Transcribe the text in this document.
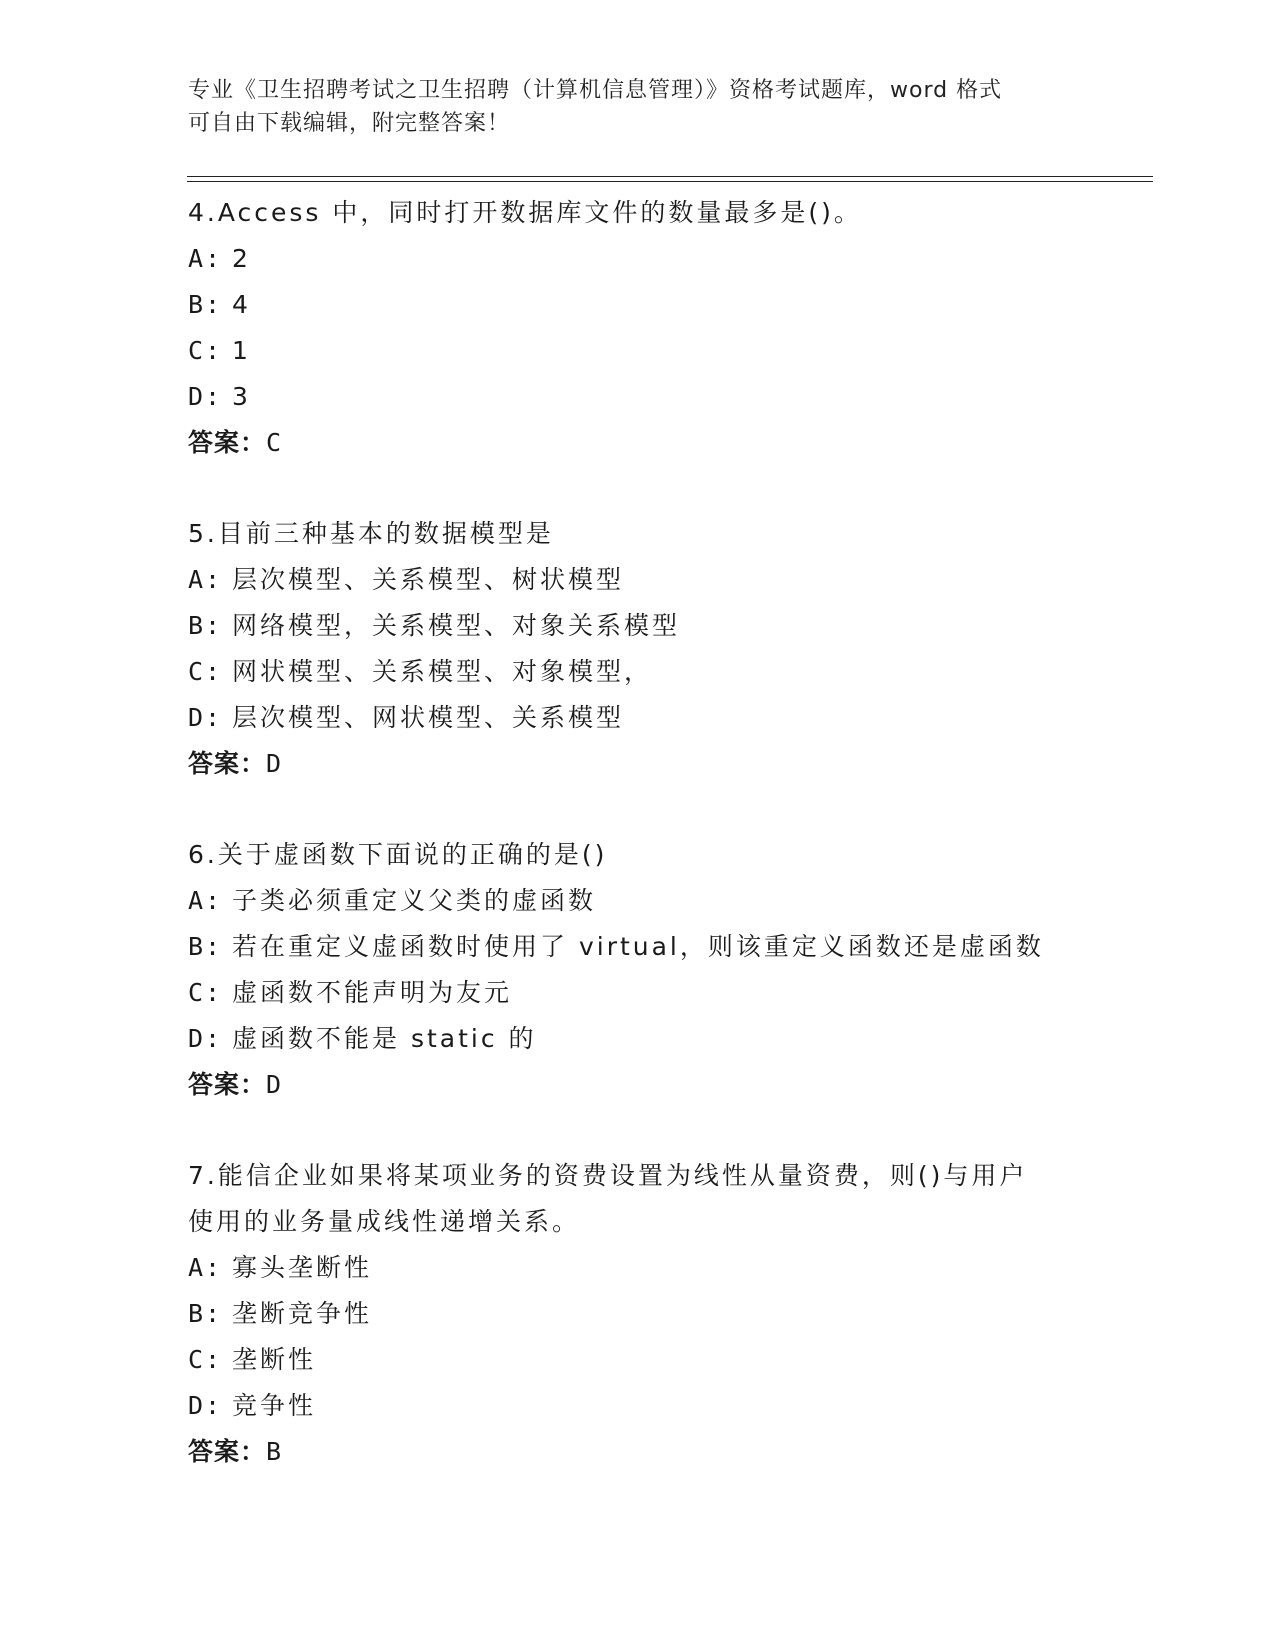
专业《卫生招聘考试之卫生招聘（计算机信息管理）》资格考试题库，word 格式
可自由下载编辑，附完整答案！
4.Access 中，同时打开数据库文件的数量最多是()。
A: 2
B: 4
C: 1
D: 3
答案：C
5.目前三种基本的数据模型是
A: 层次模型、关系模型、树状模型
B: 网络模型，关系模型、对象关系模型
C: 网状模型、关系模型、对象模型，
D: 层次模型、网状模型、关系模型
答案：D
6.关于虚函数下面说的正确的是()
A: 子类必须重定义父类的虚函数
B: 若在重定义虚函数时使用了 virtual，则该重定义函数还是虚函数
C: 虚函数不能声明为友元
D: 虚函数不能是 static 的
答案：D
7.能信企业如果将某项业务的资费设置为线性从量资费，则()与用户
使用的业务量成线性递增关系。
A: 寡头垄断性
B: 垄断竞争性
C: 垄断性
D: 竞争性
答案：B
